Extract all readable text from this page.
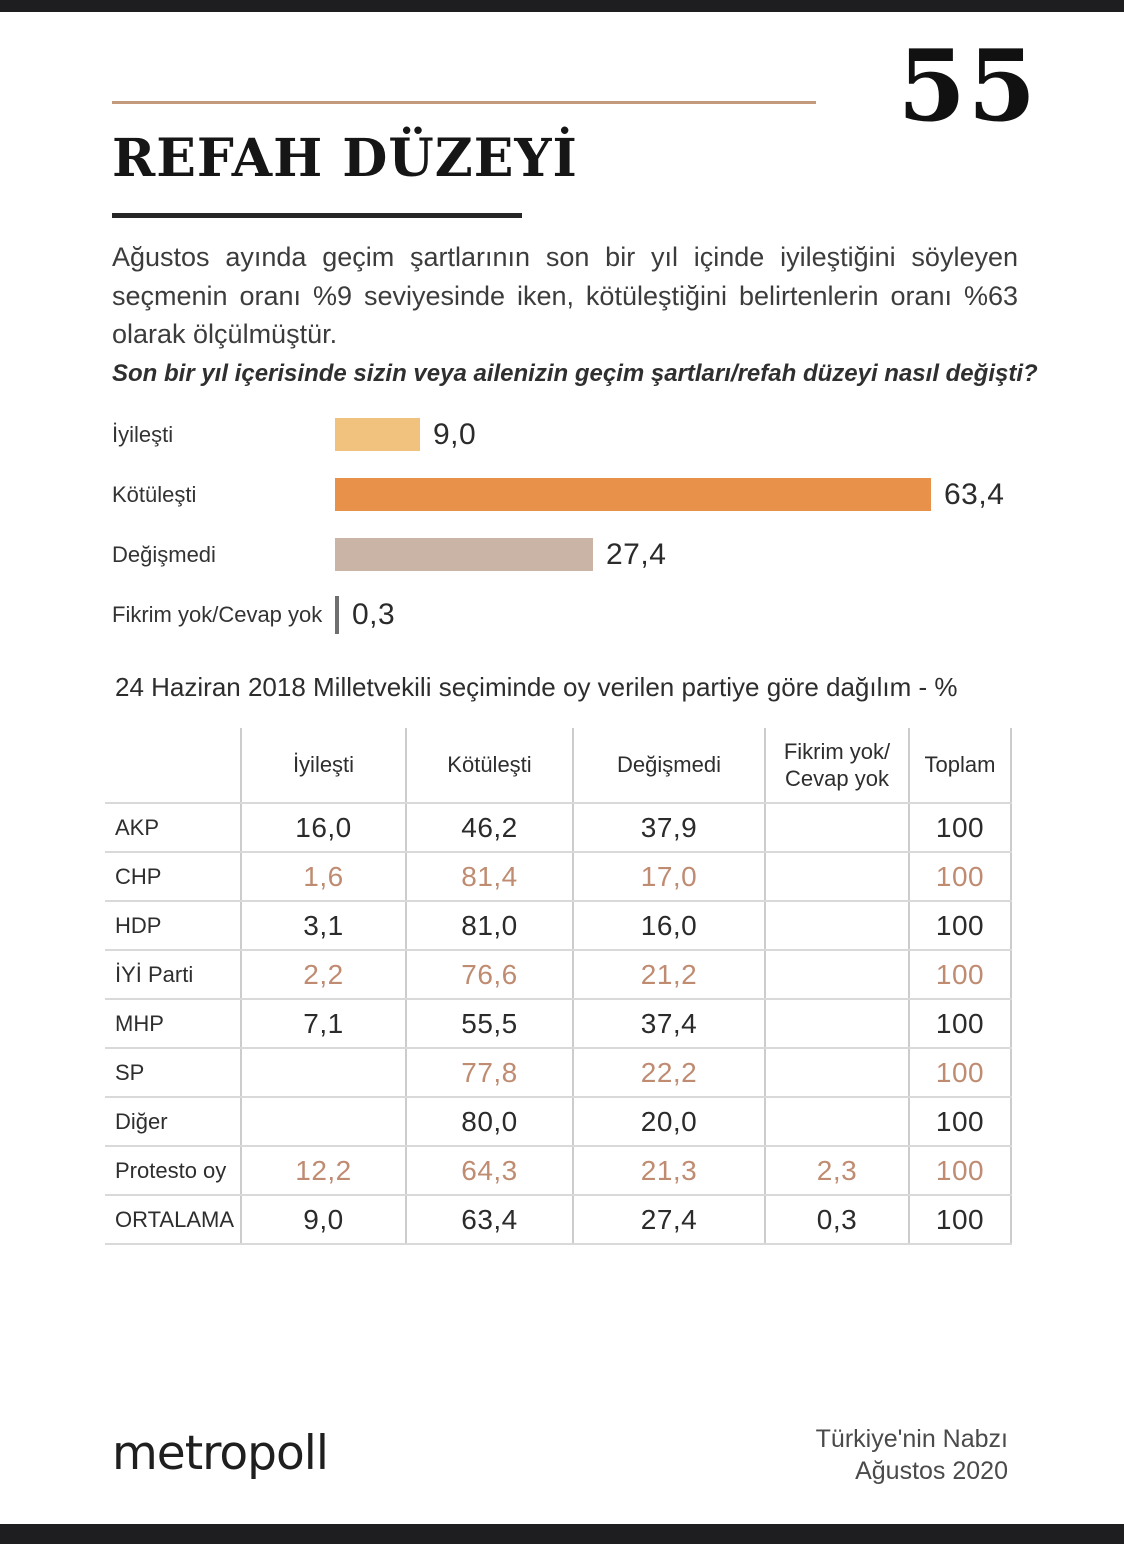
55
REFAH DÜZEYİ

Ağustos ayında geçim şartlarının son bir yıl içinde iyileştiğini söyleyen seçmenin oranı %9 seviyesinde iken, kötüleştiğini belirtenlerin oranı %63 olarak ölçülmüştür.

Son bir yıl içerisinde sizin veya ailenizin geçim şartları/refah düzeyi nasıl değişti?

İyileşti	9,0
Kötüleşti	63,4
Değişmedi	27,4
Fikrim yok/Cevap yok 0,3
24 Haziran 2018 Milletvekili seçiminde oy verilen partiye göre dağılım - %
	İyileşti	Kötüleşti	Değişmedi	Fikrim yok/
Cevap yok	Toplam
AKP	16,0	46,2	37,9		100
CHP	1,6	81,4	17,0		100
HDP	3,1	81,0	16,0		100
İYİ Parti	2,2	76,6	21,2		100
MHP	7,1	55,5	37,4		100
SP		77,8	22,2		100
Diğer		80,0	20,0		100
Protesto oy	12,2	64,3	21,3	2,3	100
ORTALAMA	9,0	63,4	27,4	0,3	100
metropoll	Türkiye'nin Nabzı
Ağustos 2020
